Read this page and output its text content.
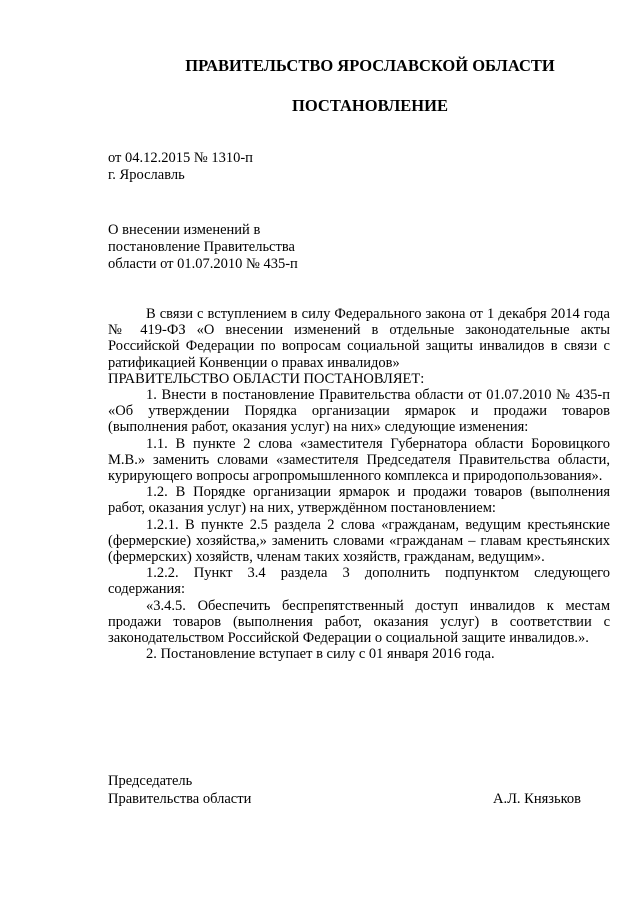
ПРАВИТЕЛЬСТВО ЯРОСЛАВСКОЙ ОБЛАСТИ
ПОСТАНОВЛЕНИЕ
от 04.12.2015 № 1310-п
г. Ярославль
О внесении изменений в
постановление Правительства
области от 01.07.2010 № 435-п

В связи с вступлением в силу Федерального закона от 1 декабря 2014 года № 419-ФЗ «О внесении изменений в отдельные законодательные акты Российской Федерации по вопросам социальной защиты инвалидов в связи с ратификацией Конвенции о правах инвалидов»

ПРАВИТЕЛЬСТВО ОБЛАСТИ ПОСТАНОВЛЯЕТ:

1. Внести в постановление Правительства области от 01.07.2010 № 435-п «Об утверждении Порядка организации ярмарок и продажи товаров (выполнения работ, оказания услуг) на них» следующие изменения:

1.1. В пункте 2 слова «заместителя Губернатора области Боровицкого М.В.» заменить словами «заместителя Председателя Правительства области, курирующего вопросы агропромышленного комплекса и природопользования».

1.2. В Порядке организации ярмарок и продажи товаров (выполнения работ, оказания услуг) на них, утверждённом постановлением:

1.2.1. В пункте 2.5 раздела 2 слова «гражданам, ведущим крестьянские (фермерские) хозяйства,» заменить словами «гражданам – главам крестьянских (фермерских) хозяйств, членам таких хозяйств, гражданам, ведущим».

1.2.2. Пункт 3.4 раздела 3 дополнить подпунктом следующего содержания:

«3.4.5. Обеспечить беспрепятственный доступ инвалидов к местам продажи товаров (выполнения работ, оказания услуг) в соответствии с законодательством Российской Федерации о социальной защите инвалидов.».

2. Постановление вступает в силу с 01 января 2016 года.

Председатель
Правительства области	А.Л. Князьков
